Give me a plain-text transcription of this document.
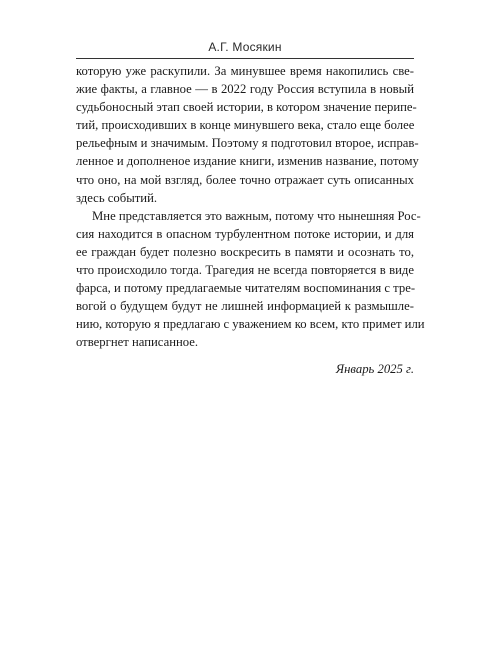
А.Г. Мосякин
которую уже раскупили. За минувшее время накопились све-
жие факты, а главное — в 2022 году Россия вступила в новый
судьбоносный этап своей истории, в котором значение перипе-
тий, происходивших в конце минувшего века, стало еще более
рельефным и значимым. Поэтому я подготовил второе, исправ-
ленное и дополненое издание книги, изменив название, потому
что оно, на мой взгляд, более точно отражает суть описанных
здесь событий.
Мне представляется это важным, потому что нынешняя Рос-
сия находится в опасном турбулентном потоке истории, и для
ее граждан будет полезно воскресить в памяти и осознать то,
что происходило тогда. Трагедия не всегда повторяется в виде
фарса, и потому предлагаемые читателям воспоминания с тре-
вогой о будущем будут не лишней информацией к размышле-
нию, которую я предлагаю с уважением ко всем, кто примет или
отвергнет написанное.
Январь 2025 г.
